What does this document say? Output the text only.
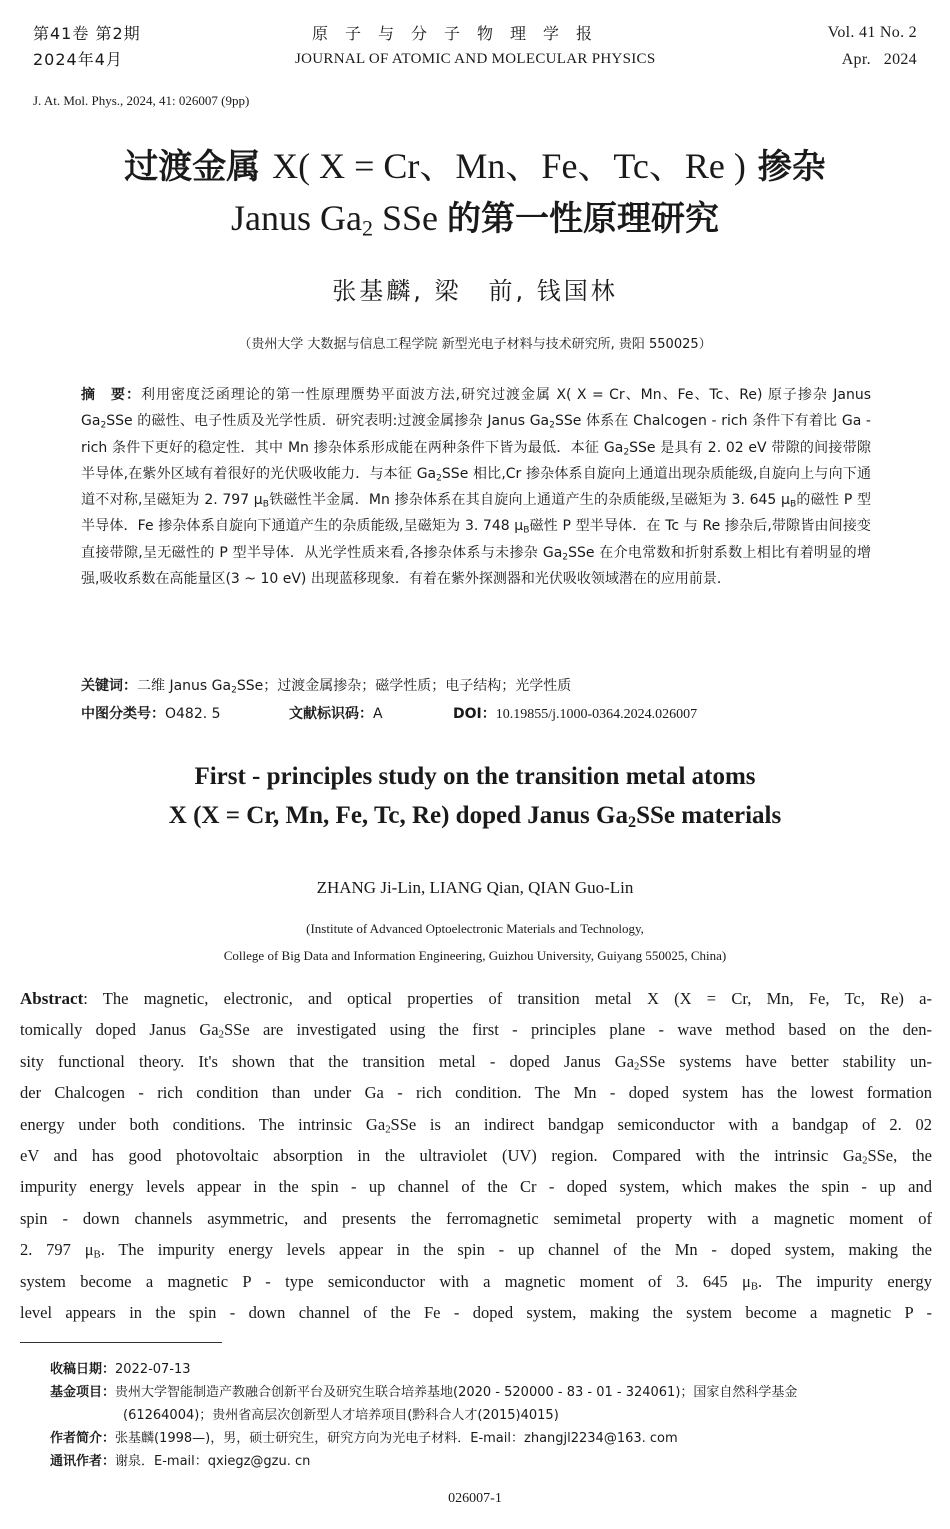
第41卷 第2期
2024年4月
原子与分子物理学报
JOURNAL OF ATOMIC AND MOLECULAR PHYSICS
Vol. 41 No. 2
Apr.   2024
J. At. Mol. Phys., 2024, 41: 026007 (9pp)
过渡金属 X( X = Cr、Mn、Fe、Tc、Re ) 掺杂
Janus $Ga_2$ SSe 的第一性原理研究
张基麟, 梁　前, 钱国林
（贵州大学 大数据与信息工程学院 新型光电子材料与技术研究所, 贵阳 550025）
摘　要：利用密度泛函理论的第一性原理赝势平面波方法,研究过渡金属 X( X = Cr、Mn、Fe、Tc、Re) 原子掺杂 Janus $Ga_2SSe$ 的磁性、电子性质及光学性质．研究表明:过渡金属掺杂 Janus $Ga_2SSe$ 体系在 Chalcogen - rich 条件下有着比 Ga - rich 条件下更好的稳定性．其中 Mn 掺杂体系形成能在两种条件下皆为最低．本征 $Ga_2SSe$ 是具有 2. 02 eV 带隙的间接带隙半导体,在紫外区域有着很好的光伏吸收能力．与本征 $Ga_2SSe$ 相比,Cr 掺杂体系自旋向上通道出现杂质能级,自旋向上与向下通道不对称,呈磁矩为 2. 797 $\mu_B$铁磁性半金属．Mn 掺杂体系在其自旋向上通道产生的杂质能级,呈磁矩为 3. 645 $\mu_B$的磁性 P 型半导体．Fe 掺杂体系自旋向下通道产生的杂质能级,呈磁矩为 3. 748 $\mu_B$磁性 P 型半导体．在 Tc 与 Re 掺杂后,带隙皆由间接变直接带隙,呈无磁性的 P 型半导体．从光学性质来看,各掺杂体系与未掺杂 $Ga_2SSe$ 在介电常数和折射系数上相比有着明显的增强,吸收系数在高能量区(3 ~ 10 eV) 出现蓝移现象．有着在紫外探测器和光伏吸收领域潜在的应用前景．
关键词：二维 Janus $Ga_2SSe$；过渡金属掺杂；磁学性质；电子结构；光学性质
中图分类号：O482. 5	文献标识码：A	DOI：10.19855/j.1000-0364.2024.026007
First - principles study on the transition metal atoms
X (X = Cr, Mn, Fe, Tc, Re) doped Janus $Ga_2SSe$ materials
ZHANG Ji-Lin, LIANG Qian, QIAN Guo-Lin
(Institute of Advanced Optoelectronic Materials and Technology,
College of Big Data and Information Engineering, Guizhou University, Guiyang 550025, China)
Abstract: The magnetic, electronic, and optical properties of transition metal X (X = Cr, Mn, Fe, Tc, Re) a-
tomically doped Janus $Ga_2SSe$ are investigated using the first - principles plane - wave method based on the den-
sity functional theory. It's shown that the transition metal - doped Janus $Ga_2SSe$ systems have better stability un-
der Chalcogen - rich condition than under Ga - rich condition. The Mn - doped system has the lowest formation
energy under both conditions. The intrinsic $Ga_2SSe$ is an indirect bandgap semiconductor with a bandgap of 2. 02
eV and has good photovoltaic absorption in the ultraviolet (UV) region. Compared with the intrinsic $Ga_2SSe$, the
impurity energy levels appear in the spin - up channel of the Cr - doped system, which makes the spin - up and
spin - down channels asymmetric, and presents the ferromagnetic semimetal property with a magnetic moment of
2. 797 $\mu_B$. The impurity energy levels appear in the spin - up channel of the Mn - doped system, making the
system become a magnetic P - type semiconductor with a magnetic moment of 3. 645 $\mu_B$. The impurity energy
level appears in the spin - down channel of the Fe - doped system, making the system become a magnetic P -
收稿日期：2022-07-13
基金项目：贵州大学智能制造产教融合创新平台及研究生联合培养基地(2020 - 520000 - 83 - 01 - 324061)；国家自然科学基金
(61264004)；贵州省高层次创新型人才培养项目(黔科合人才(2015)4015)
作者简介：张基麟(1998—)，男，硕士研究生，研究方向为光电子材料．E-mail：zhangjl2234@163. com
通讯作者：谢泉．E-mail：qxiegz@gzu. cn
026007-1
